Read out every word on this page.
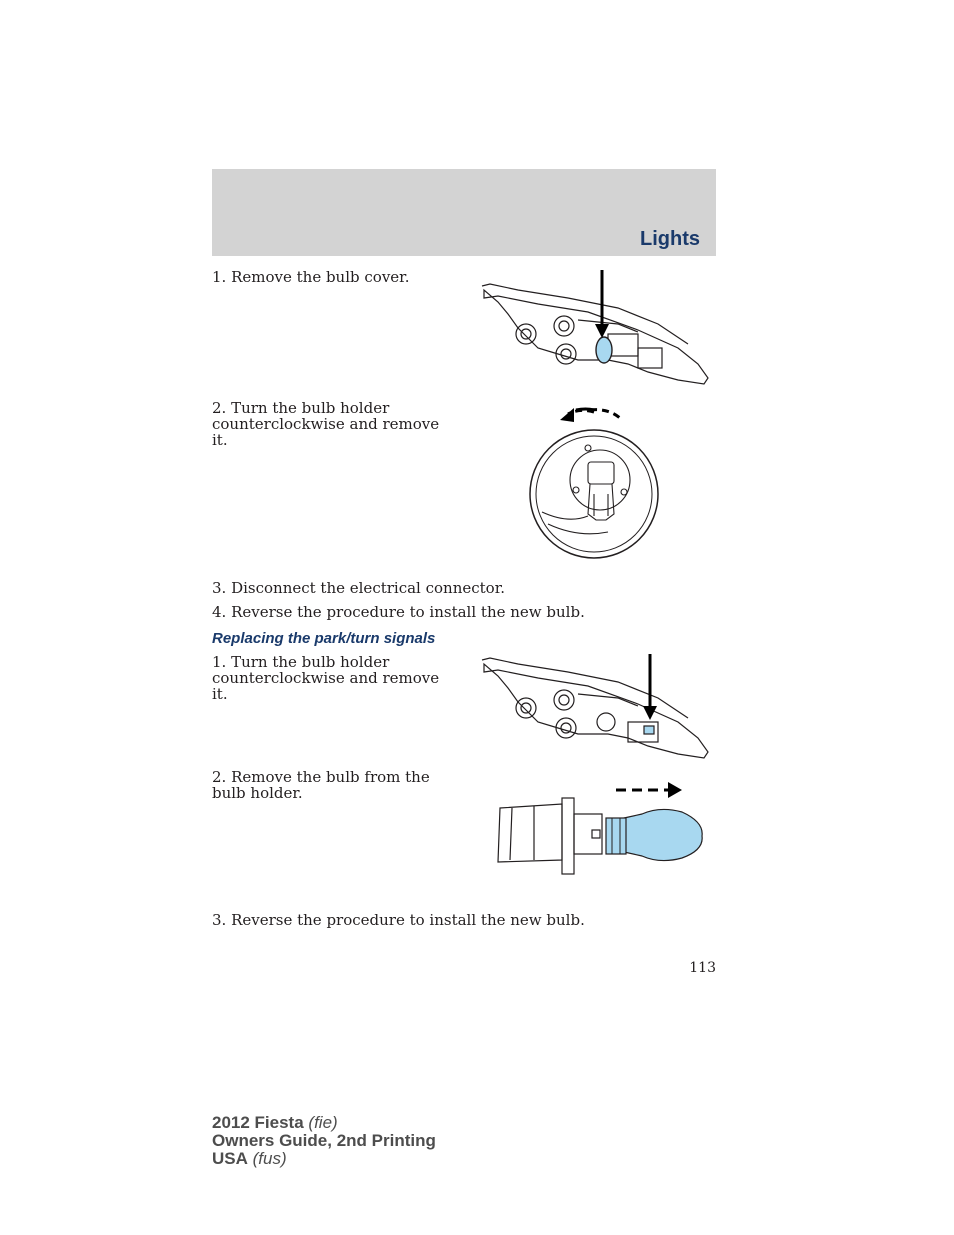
Lights
1. Remove the bulb cover.
2. Turn the bulb holder counterclockwise and remove it.
3. Disconnect the electrical connector.
4. Reverse the procedure to install the new bulb.
Replacing the park/turn signals
1. Turn the bulb holder counterclockwise and remove it.
2. Remove the bulb from the bulb holder.
3. Reverse the procedure to install the new bulb.
113
2012 Fiesta (fie)
Owners Guide, 2nd Printing
USA (fus)
